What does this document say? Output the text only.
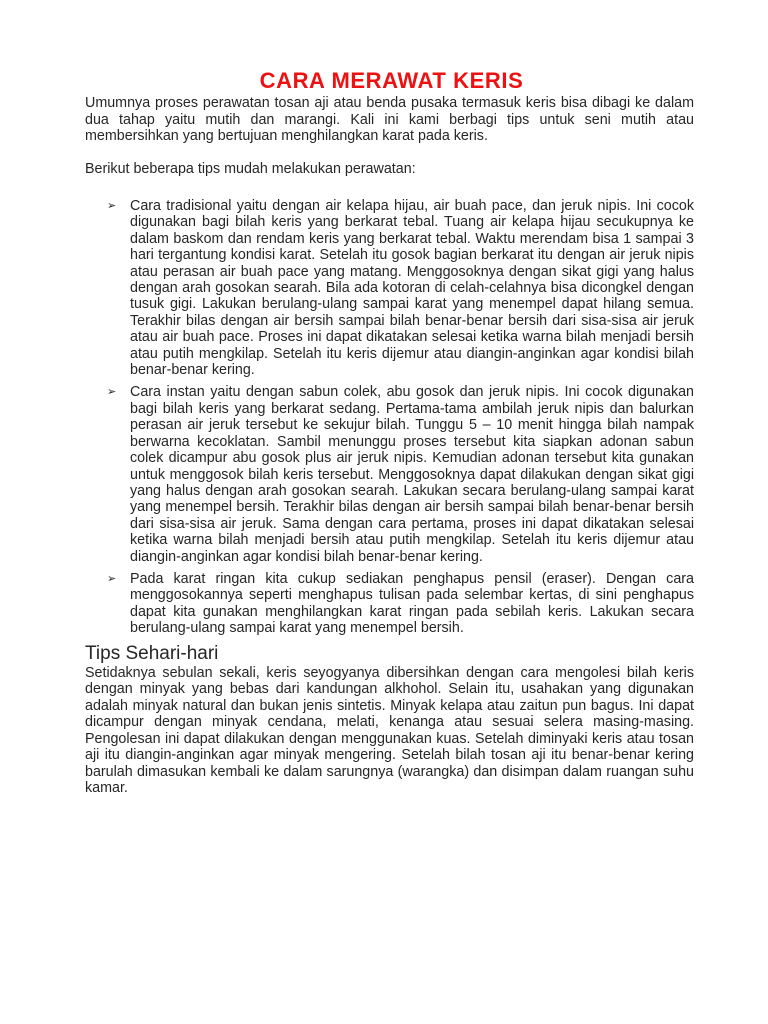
CARA MERAWAT KERIS

Umumnya proses perawatan tosan aji atau benda pusaka termasuk keris bisa dibagi ke dalam dua tahap yaitu mutih dan marangi. Kali ini kami berbagi tips untuk seni mutih atau membersihkan yang bertujuan menghilangkan karat pada keris.

Berikut beberapa tips mudah melakukan perawatan:

➢ Cara tradisional yaitu dengan air kelapa hijau, air buah pace, dan jeruk nipis. Ini cocok digunakan bagi bilah keris yang berkarat tebal. Tuang air kelapa hijau secukupnya ke dalam baskom dan rendam keris yang berkarat tebal. Waktu merendam bisa 1 sampai 3 hari tergantung kondisi karat. Setelah itu gosok bagian berkarat itu dengan air jeruk nipis atau perasan air buah pace yang matang. Menggosoknya dengan sikat gigi yang halus dengan arah gosokan searah. Bila ada kotoran di celah-celahnya bisa dicongkel dengan tusuk gigi. Lakukan berulang-ulang sampai karat yang menempel dapat hilang semua. Terakhir bilas dengan air bersih sampai bilah benar-benar bersih dari sisa-sisa air jeruk atau air buah pace. Proses ini dapat dikatakan selesai ketika warna bilah menjadi bersih atau putih mengkilap. Setelah itu keris dijemur atau diangin-anginkan agar kondisi bilah benar-benar kering.
➢ Cara instan yaitu dengan sabun colek, abu gosok dan jeruk nipis. Ini cocok digunakan bagi bilah keris yang berkarat sedang. Pertama-tama ambilah jeruk nipis dan balurkan perasan air jeruk tersebut ke sekujur bilah. Tunggu 5 – 10 menit hingga bilah nampak berwarna kecoklatan. Sambil menunggu proses tersebut kita siapkan adonan sabun colek dicampur abu gosok plus air jeruk nipis. Kemudian adonan tersebut kita gunakan untuk menggosok bilah keris tersebut. Menggosoknya dapat dilakukan dengan sikat gigi yang halus dengan arah gosokan searah. Lakukan secara berulang-ulang sampai karat yang menempel bersih. Terakhir bilas dengan air bersih sampai bilah benar-benar bersih dari sisa-sisa air jeruk. Sama dengan cara pertama, proses ini dapat dikatakan selesai ketika warna bilah menjadi bersih atau putih mengkilap. Setelah itu keris dijemur atau diangin-anginkan agar kondisi bilah benar-benar kering.
➢ Pada karat ringan kita cukup sediakan penghapus pensil (eraser). Dengan cara menggosokannya seperti menghapus tulisan pada selembar kertas, di sini penghapus dapat kita gunakan menghilangkan karat ringan pada sebilah keris. Lakukan secara berulang-ulang sampai karat yang menempel bersih.
Tips Sehari-hari

Setidaknya sebulan sekali, keris seyogyanya dibersihkan dengan cara mengolesi bilah keris dengan minyak yang bebas dari kandungan alkhohol. Selain itu, usahakan yang digunakan adalah minyak natural dan bukan jenis sintetis. Minyak kelapa atau zaitun pun bagus. Ini dapat dicampur dengan minyak cendana, melati, kenanga atau sesuai selera masing-masing. Pengolesan ini dapat dilakukan dengan menggunakan kuas. Setelah diminyaki keris atau tosan aji itu diangin-anginkan agar minyak mengering. Setelah bilah tosan aji itu benar-benar kering barulah dimasukan kembali ke dalam sarungnya (warangka) dan disimpan dalam ruangan suhu kamar.
